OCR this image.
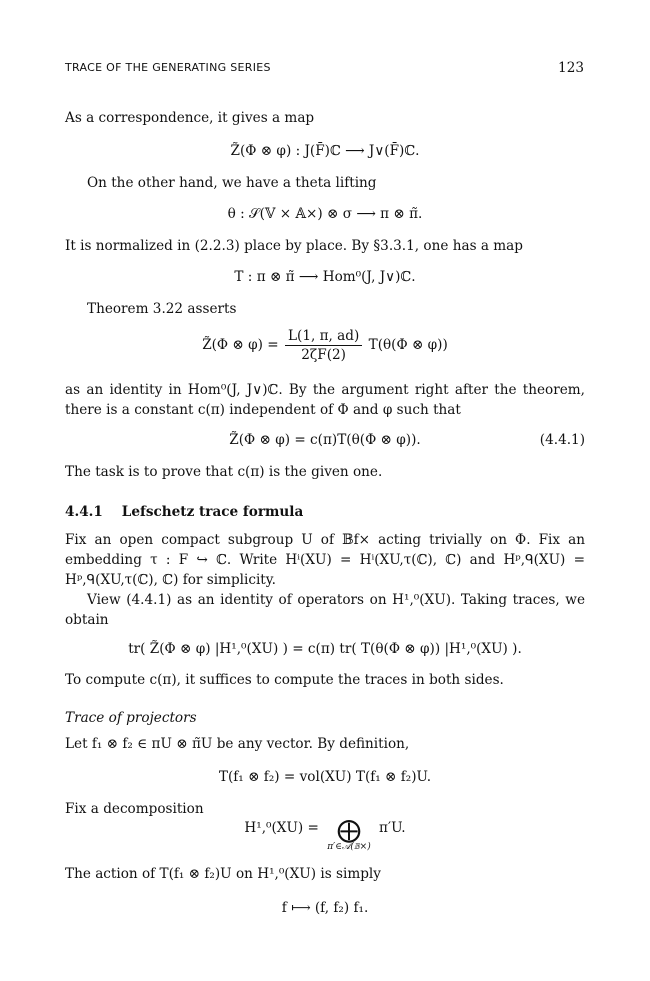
TRACE OF THE GENERATING SERIES	123
As a correspondence, it gives a map
Z̃(Φ ⊗ φ) : J(F̄)ℂ ⟶ J∨(F̄)ℂ.
On the other hand, we have a theta lifting
θ : 𝒮(𝕍 × 𝔸×) ⊗ σ ⟶ π ⊗ π̃.
It is normalized in (2.2.3) place by place. By §3.3.1, one has a map
T : π ⊗ π̃ ⟶ Hom⁰(J, J∨)ℂ.
Theorem 3.22 asserts
Z̃(Φ ⊗ $\varphi) = \frac{L(1, \pi, ad)}{2\zeta F(2)} T(\theta(\Phi$ ⊗ φ))
as an identity in Hom⁰(J, J∨)ℂ. By the argument right after the theorem, there is a constant c(π) independent of Φ and φ such that
Z̃(Φ ⊗ φ) = c(π)T(θ(Φ ⊗ φ)).	(4.4.1)
The task is to prove that c(π) is the given one.
4.4.1 Lefschetz trace formula
Fix an open compact subgroup U of 𝔹f× acting trivially on Φ. Fix an embedding τ : F ↪ ℂ. Write Hⁱ(XU) = Hⁱ(XU,τ(ℂ), ℂ) and Hᵖ,ᑫ(XU) = Hᵖ,ᑫ(XU,τ(ℂ), ℂ) for simplicity.
View (4.4.1) as an identity of operators on H¹,⁰(XU). Taking traces, we obtain
tr( Z̃(Φ ⊗ φ) |H¹,⁰(XU) ) = c(π) tr( T(θ(Φ ⊗ φ)) |H¹,⁰(XU) ).
To compute c(π), it suffices to compute the traces in both sides.
Trace of projectors
Let f₁ ⊗ f₂ ∈ πU ⊗ π̃U be any vector. By definition,
T(f₁ ⊗ f₂) = vol(XU) T(f₁ ⊗ f₂)U.
Fix a decomposition
H¹,⁰(XU) = ⨁
π′∈𝒜(𝔹×)
π′U.
The action of T(f₁ ⊗ f₂)U on H¹,⁰(XU) is simply
f ⟼ (f, f₂) f₁.
